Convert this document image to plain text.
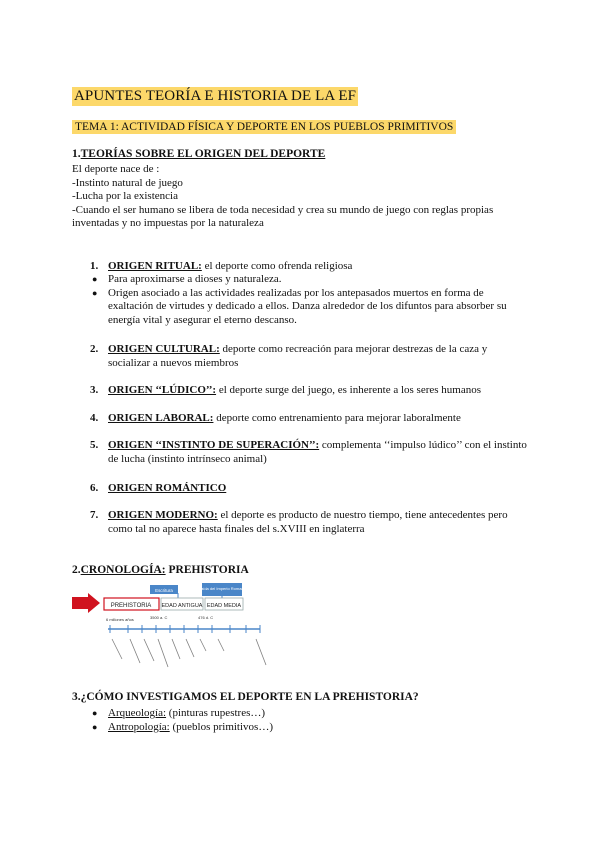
APUNTES TEORÍA E HISTORIA DE LA EF
TEMA 1: ACTIVIDAD FÍSICA Y DEPORTE EN LOS PUEBLOS PRIMITIVOS
1.TEORÍAS SOBRE EL ORIGEN DEL DEPORTE
El deporte nace de :
-Instinto natural de juego
-Lucha por la existencia
-Cuando el ser humano se libera de toda necesidad y crea su mundo de juego con reglas propias inventadas y no impuestas por la naturaleza
1. ORIGEN RITUAL: el deporte como ofrenda religiosa
● Para aproximarse a dioses y naturaleza.
● Origen asociado a las actividades realizadas por los antepasados muertos en forma de exaltación de virtudes y dedicado a ellos. Danza alrededor de los difuntos para absorber su energía vital y asegurar el eterno descanso.
2. ORIGEN CULTURAL: deporte como recreación para mejorar destrezas de la caza y socializar a nuevos miembros
3. ORIGEN ‘‘LÚDICO’’: el deporte surge del juego, es inherente a los seres humanos
4. ORIGEN LABORAL: deporte como entrenamiento para mejorar laboralmente
5. ORIGEN ‘‘INSTINTO DE SUPERACIÓN’’: complementa ‘‘impulso lúdico’’ con el instinto de lucha (instinto intrínseco animal)
6. ORIGEN ROMÁNTICO
7. ORIGEN MODERNO: el deporte es producto de nuestro tiempo, tiene antecedentes pero como tal no aparece hasta finales del s.XVIII en inglaterra
2.CRONOLOGÍA: PREHISTORIA
Escritura	Caída del Imperio Romano
PREHISTORIA EDAD ANTIGUA EDAD MEDIA
6 millones años	3500 a. C	476 d. C
3.¿CÓMO INVESTIGAMOS EL DEPORTE EN LA PREHISTORIA?
● Arqueología: (pinturas rupestres…)
● Antropología: (pueblos primitivos…)
